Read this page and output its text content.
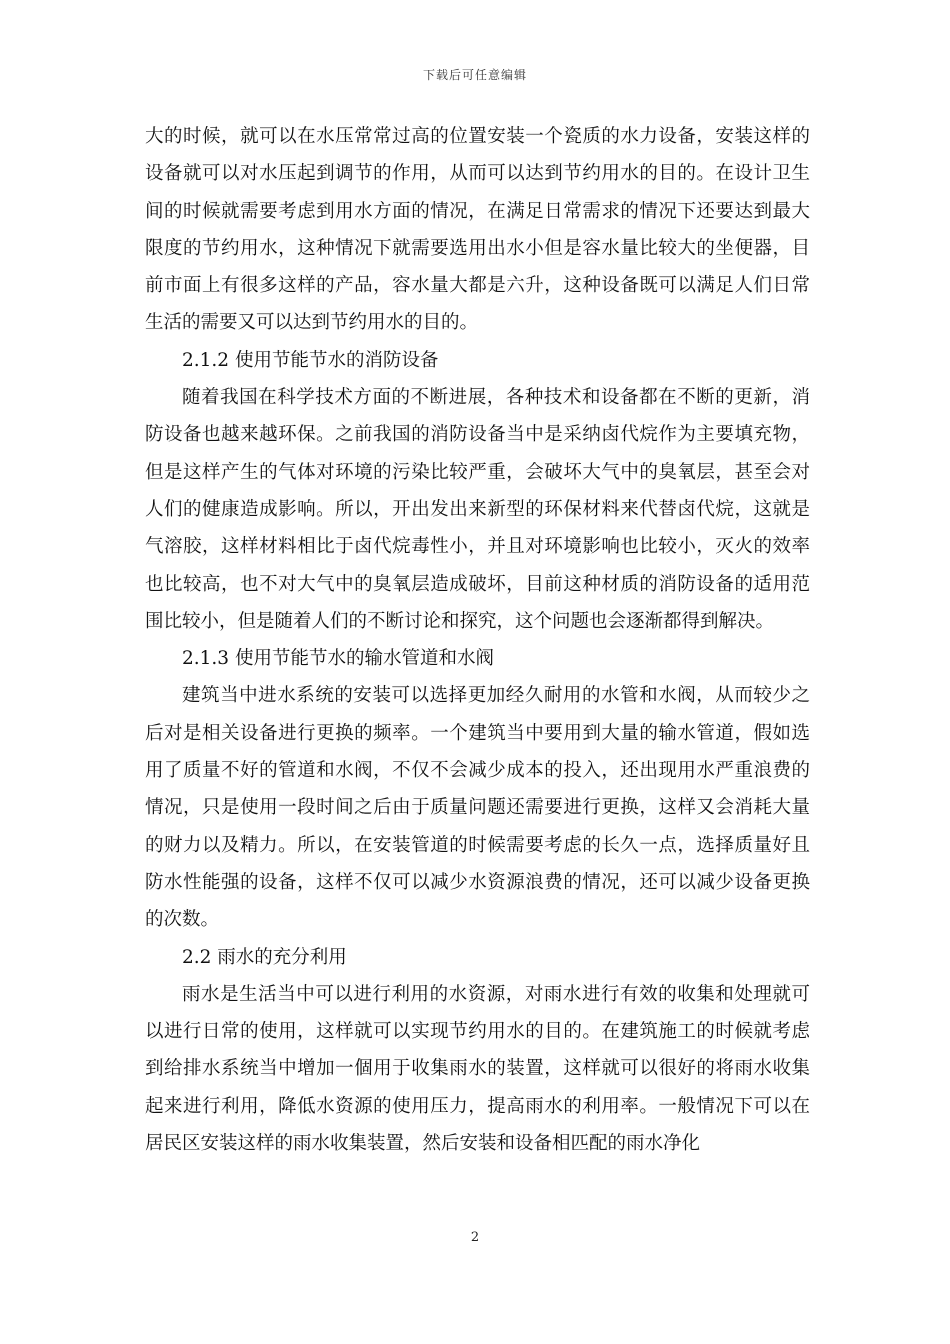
下载后可任意编辑

大的时候，就可以在水压常常过高的位置安装一个瓷质的水力设备，安装这样的设备就可以对水压起到调节的作用，从而可以达到节约用水的目的。在设计卫生间的时候就需要考虑到用水方面的情况，在满足日常需求的情况下还要达到最大限度的节约用水，这种情况下就需要选用出水小但是容水量比较大的坐便器，目前市面上有很多这样的产品，容水量大都是六升，这种设备既可以满足人们日常生活的需要又可以达到节约用水的目的。

2.1.2 使用节能节水的消防设备

随着我国在科学技术方面的不断进展，各种技术和设备都在不断的更新，消防设备也越来越环保。之前我国的消防设备当中是采纳卤代烷作为主要填充物，但是这样产生的气体对环境的污染比较严重，会破坏大气中的臭氧层，甚至会对人们的健康造成影响。所以，开出发出来新型的环保材料来代替卤代烷，这就是气溶胶，这样材料相比于卤代烷毒性小，并且对环境影响也比较小，灭火的效率也比较高，也不对大气中的臭氧层造成破坏，目前这种材质的消防设备的适用范围比较小，但是随着人们的不断讨论和探究，这个问题也会逐渐都得到解决。

2.1.3 使用节能节水的输水管道和水阀

建筑当中进水系统的安装可以选择更加经久耐用的水管和水阀，从而较少之后对是相关设备进行更换的频率。一个建筑当中要用到大量的输水管道，假如选用了质量不好的管道和水阀，不仅不会减少成本的投入，还出现用水严重浪费的情况，只是使用一段时间之后由于质量问题还需要进行更换，这样又会消耗大量的财力以及精力。所以，在安装管道的时候需要考虑的长久一点，选择质量好且防水性能强的设备，这样不仅可以减少水资源浪费的情况，还可以减少设备更换的次数。

2.2 雨水的充分利用

雨水是生活当中可以进行利用的水资源，对雨水进行有效的收集和处理就可以进行日常的使用，这样就可以实现节约用水的目的。在建筑施工的时候就考虑到给排水系统当中增加一個用于收集雨水的装置，这样就可以很好的将雨水收集起来进行利用，降低水资源的使用压力，提高雨水的利用率。一般情况下可以在居民区安装这样的雨水收集装置，然后安装和设备相匹配的雨水净化

2
